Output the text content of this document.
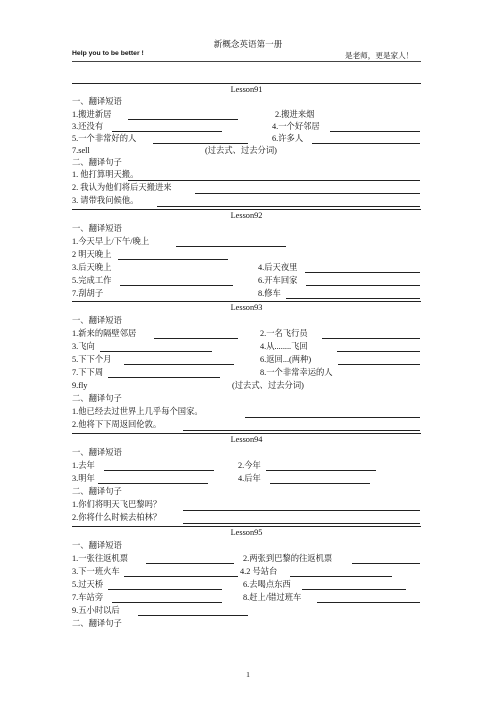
新概念英语第一册
Help you to be better !	是老师，更是家人！
Lesson91
一、翻译短语
1.搬进新居	2.搬进来烟
3.还没有	4.一个好邻居
5.一个非常好的人	6.许多人
7.sell	(过去式、过去分词)
二、翻译句子
1. 他打算明天搬。
2. 我认为他们将后天搬进来
3. 请带我问候他。
Lesson92
一、翻译短语
1.今天早上/下午/晚上
2 明天晚上
3.后天晚上	4.后天夜里
5.完成工作	6.开车回家
7.刮胡子	8.修车
Lesson93
一、翻译短语
1.新来的隔壁邻居	2.一名飞行员
3.飞向	4.从........飞回
5.下下个月	6.返回...(两种)
7.下下周	8.一个非常幸运的人
9.fly	(过去式、过去分词)
二、翻译句子
1.他已经去过世界上几乎每个国家。
2.他将下下周返回伦敦。
Lesson94
一、翻译短语
1.去年	2.今年
3.明年	4.后年
二、翻译句子
1.你们将明天飞巴黎吗？
2.你将什么时候去柏林？
Lesson95
一、翻译短语
1.一张往返机票	2.两张到巴黎的往返机票
3.下一班火车	4.2 号站台
5.过天桥	6.去喝点东西
7.车站旁	8.赶上/错过班车
9.五小时以后
二、翻译句子
1
